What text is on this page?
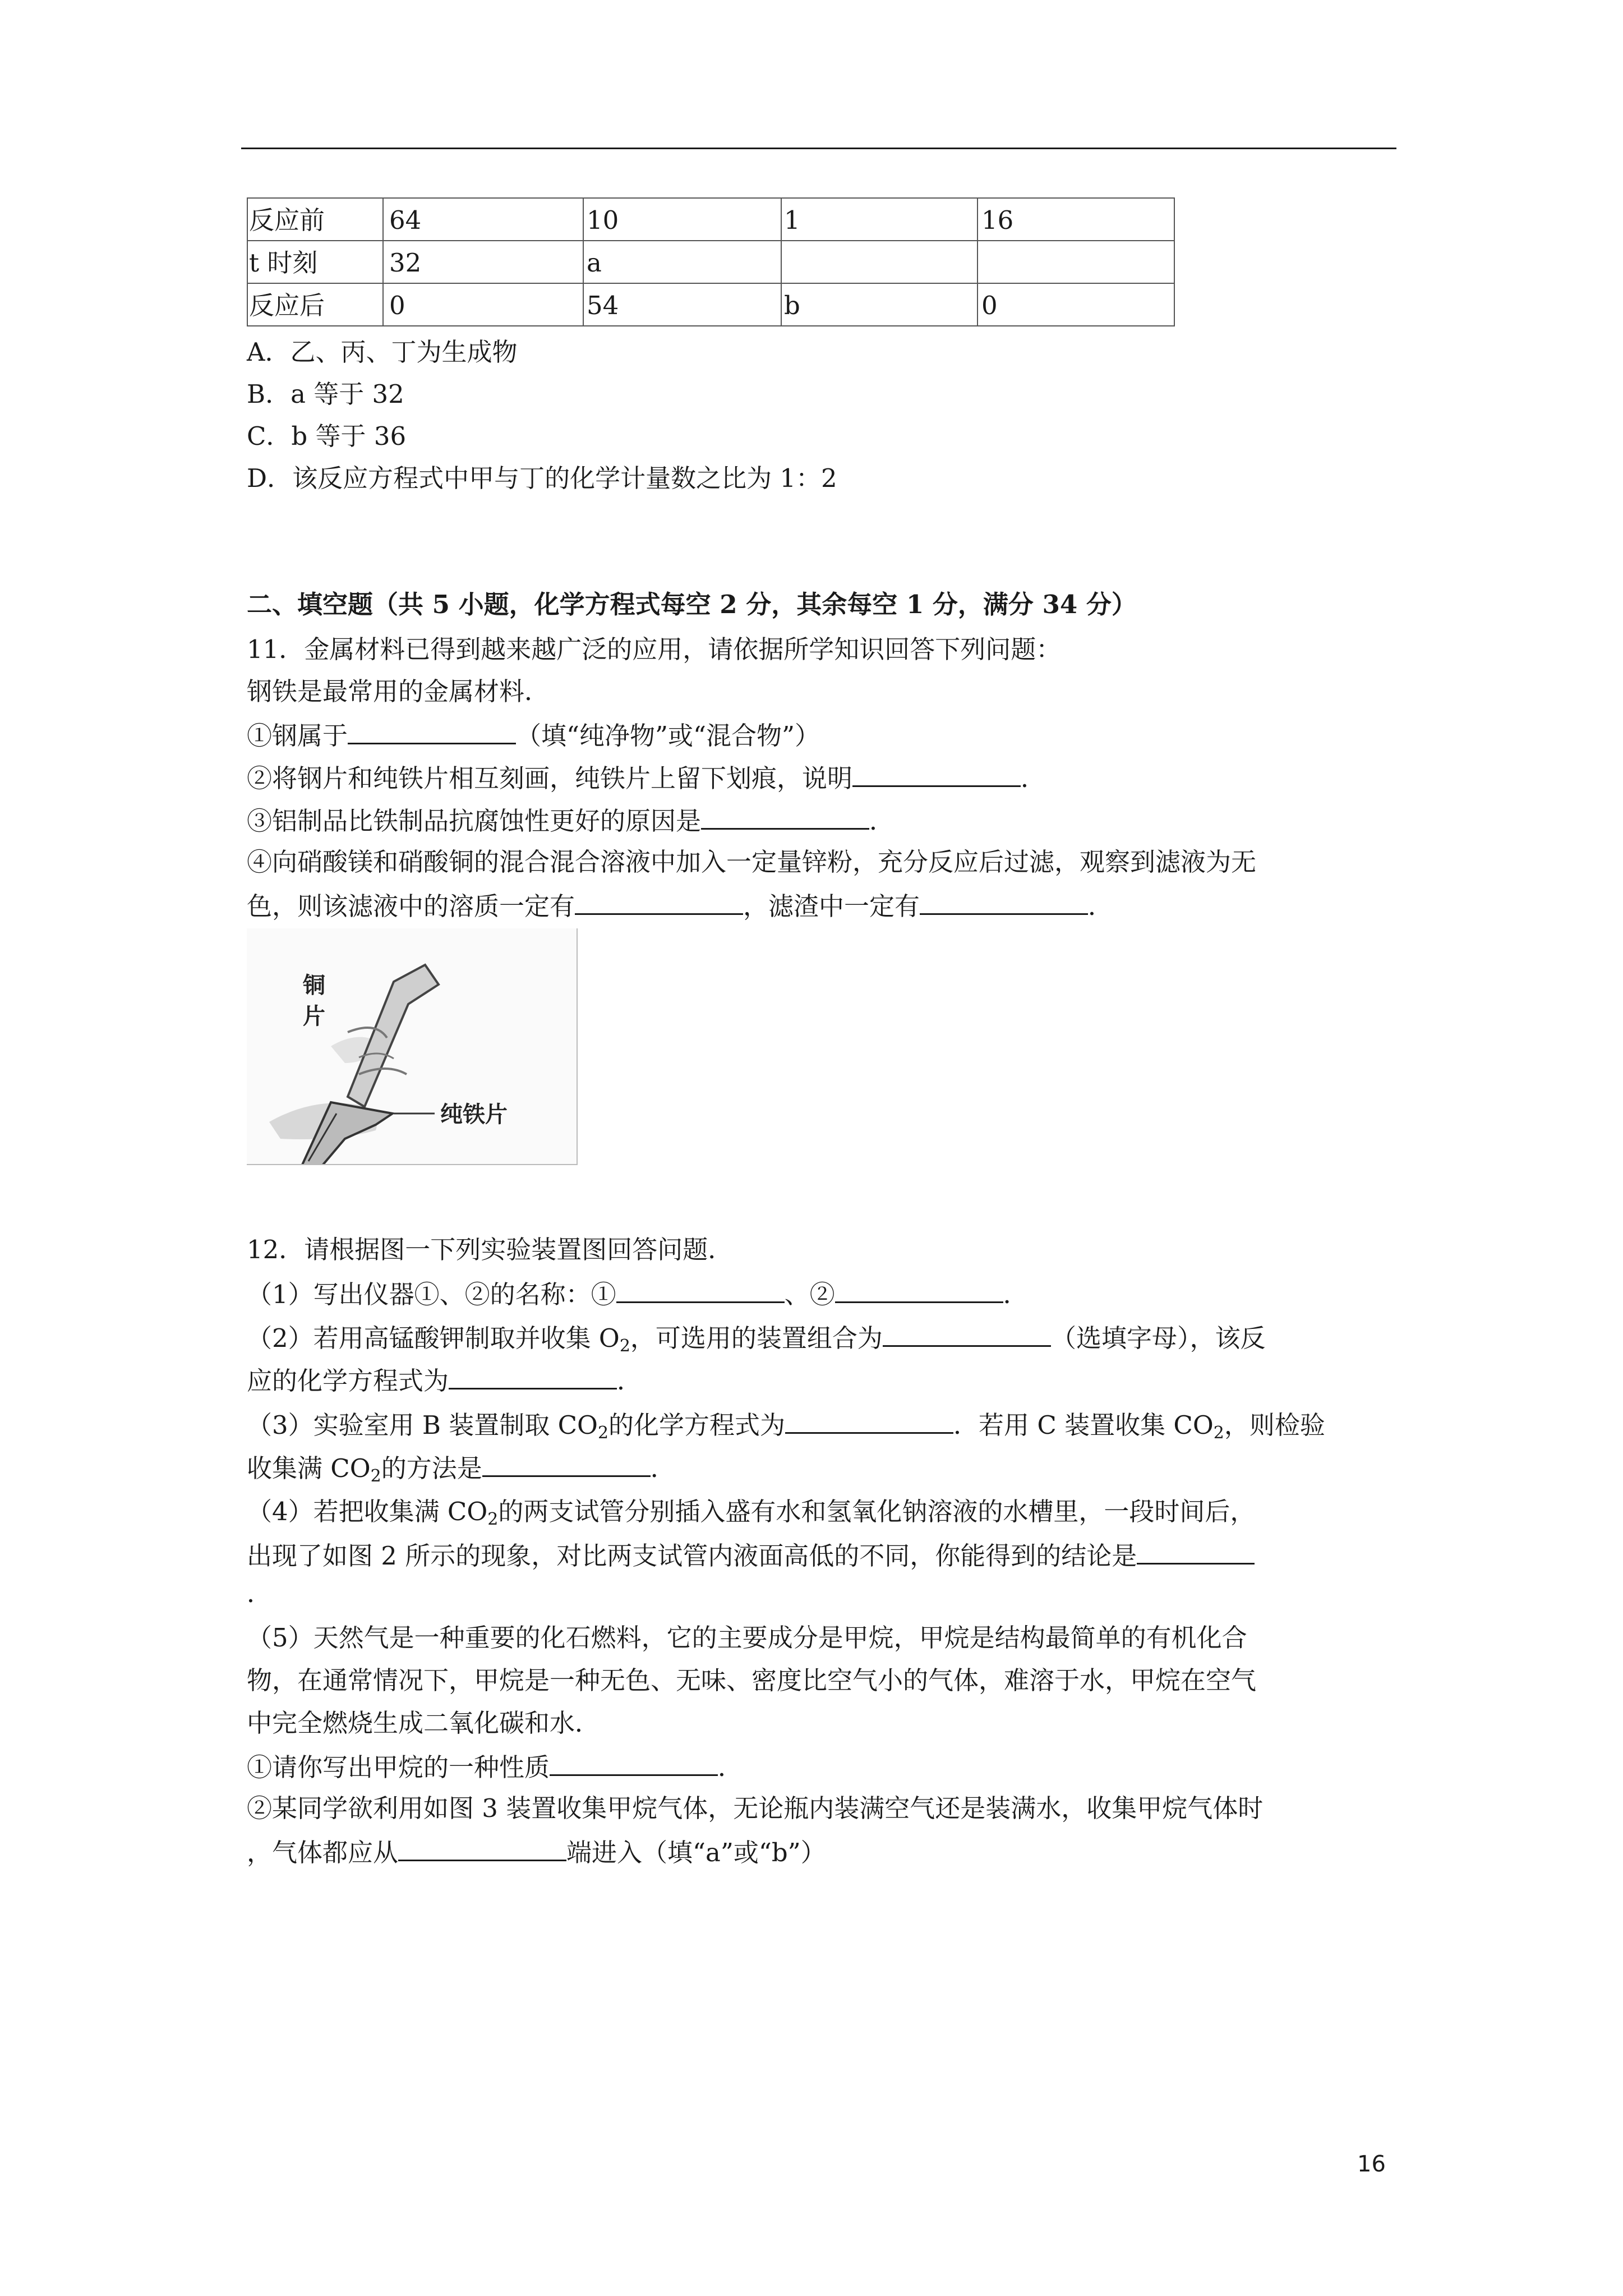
反应前	64	10	1	16
t 时刻	32	a
反应后	0	54	b	0
A．乙、丙、丁为生成物
B．a 等于 32
C．b 等于 36
D．该反应方程式中甲与丁的化学计量数之比为 1：2
二、填空题（共 5 小题，化学方程式每空 2 分，其余每空 1 分，满分 34 分）
11．金属材料已得到越来越广泛的应用，请依据所学知识回答下列问题：
钢铁是最常用的金属材料．
①钢属于	（填“纯净物”或“混合物”）
②将钢片和纯铁片相互刻画，纯铁片上留下划痕，说明	．
③铝制品比铁制品抗腐蚀性更好的原因是	．
④向硝酸镁和硝酸铜的混合混合溶液中加入一定量锌粉，充分反应后过滤，观察到滤液为无
色，则该滤液中的溶质一定有	，滤渣中一定有	．
铜
片
纯铁片
12．请根据图一下列实验装置图回答问题．
（1）写出仪器①、②的名称：①	、②	．
（2）若用高锰酸钾制取并收集 $O_2$，可选用的装置组合为	（选填字母），该反
应的化学方程式为	．
（3）实验室用 B 装置制取 $CO_2$的化学方程式为	．若用 C 装置收集 $CO_2$，则检验
收集满 $CO_2$的方法是	．
（4）若把收集满 $CO_2$的两支试管分别插入盛有水和氢氧化钠溶液的水槽里，一段时间后，
出现了如图 2 所示的现象，对比两支试管内液面高低的不同，你能得到的结论是
．
（5）天然气是一种重要的化石燃料，它的主要成分是甲烷，甲烷是结构最简单的有机化合
物，在通常情况下，甲烷是一种无色、无味、密度比空气小的气体，难溶于水，甲烷在空气
中完全燃烧生成二氧化碳和水．
①请你写出甲烷的一种性质	．
②某同学欲利用如图 3 装置收集甲烷气体，无论瓶内装满空气还是装满水，收集甲烷气体时
，气体都应从	端进入（填“a”或“b”）
16
